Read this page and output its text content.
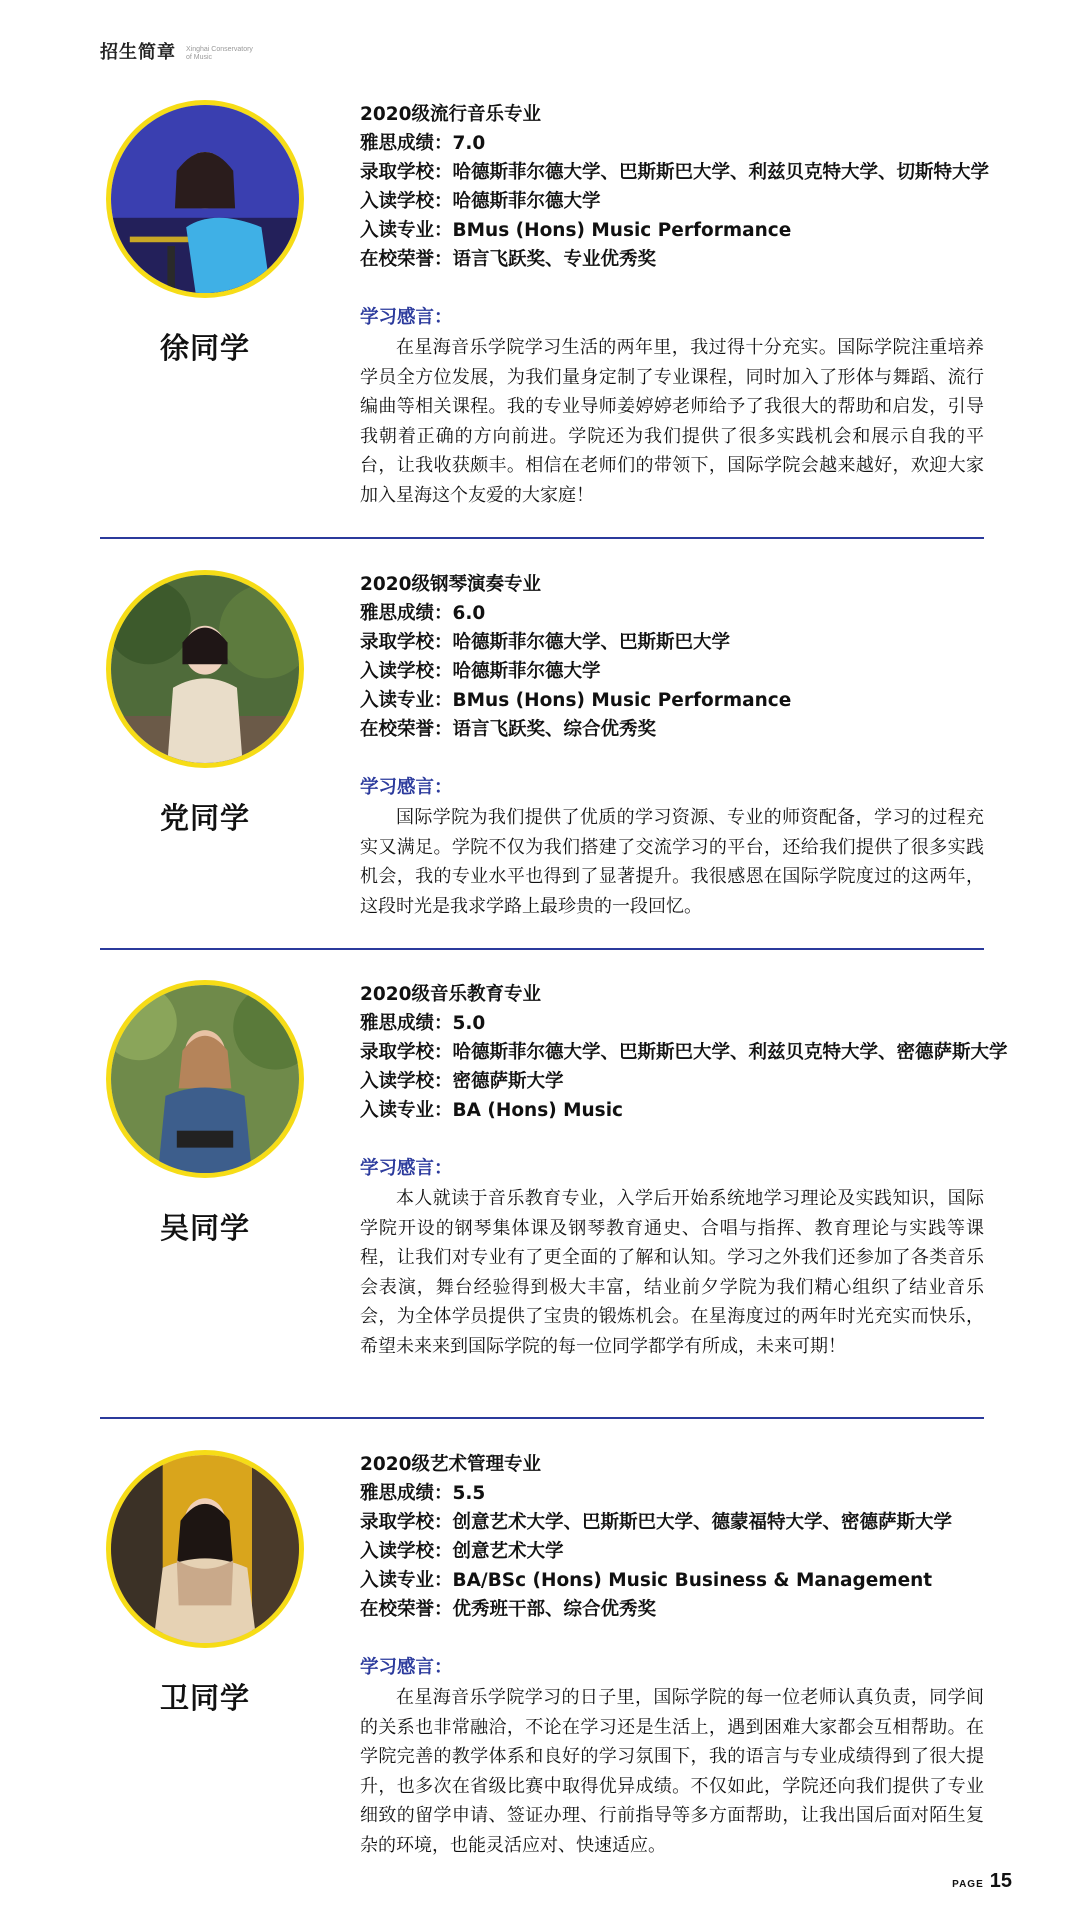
招生简章 Xinghai Conservatory
of Music
徐同学
2020级流行音乐专业
雅思成绩：7.0
录取学校：哈德斯菲尔德大学、巴斯斯巴大学、利兹贝克特大学、切斯特大学
入读学校：哈德斯菲尔德大学
入读专业：BMus (Hons) Music Performance
在校荣誉：语言飞跃奖、专业优秀奖
学习感言：
在星海音乐学院学习生活的两年里，我过得十分充实。国际学院注重培养学员全方位发展，为我们量身定制了专业课程，同时加入了形体与舞蹈、流行编曲等相关课程。我的专业导师姜婷婷老师给予了我很大的帮助和启发，引导我朝着正确的方向前进。学院还为我们提供了很多实践机会和展示自我的平台，让我收获颇丰。相信在老师们的带领下，国际学院会越来越好，欢迎大家加入星海这个友爱的大家庭！
党同学
2020级钢琴演奏专业
雅思成绩：6.0
录取学校：哈德斯菲尔德大学、巴斯斯巴大学
入读学校：哈德斯菲尔德大学
入读专业：BMus (Hons) Music Performance
在校荣誉：语言飞跃奖、综合优秀奖
学习感言：
国际学院为我们提供了优质的学习资源、专业的师资配备，学习的过程充实又满足。学院不仅为我们搭建了交流学习的平台，还给我们提供了很多实践机会，我的专业水平也得到了显著提升。我很感恩在国际学院度过的这两年，这段时光是我求学路上最珍贵的一段回忆。
吴同学
2020级音乐教育专业
雅思成绩：5.0
录取学校：哈德斯菲尔德大学、巴斯斯巴大学、利兹贝克特大学、密德萨斯大学
入读学校：密德萨斯大学
入读专业：BA (Hons) Music
学习感言：
本人就读于音乐教育专业，入学后开始系统地学习理论及实践知识，国际学院开设的钢琴集体课及钢琴教育通史、合唱与指挥、教育理论与实践等课程，让我们对专业有了更全面的了解和认知。学习之外我们还参加了各类音乐会表演，舞台经验得到极大丰富，结业前夕学院为我们精心组织了结业音乐会，为全体学员提供了宝贵的锻炼机会。在星海度过的两年时光充实而快乐，希望未来来到国际学院的每一位同学都学有所成，未来可期！
卫同学
2020级艺术管理专业
雅思成绩：5.5
录取学校：创意艺术大学、巴斯斯巴大学、德蒙福特大学、密德萨斯大学
入读学校：创意艺术大学
入读专业：BA/BSc (Hons) Music Business & Management
在校荣誉：优秀班干部、综合优秀奖
学习感言：
在星海音乐学院学习的日子里，国际学院的每一位老师认真负责，同学间的关系也非常融洽，不论在学习还是生活上，遇到困难大家都会互相帮助。在学院完善的教学体系和良好的学习氛围下，我的语言与专业成绩得到了很大提升，也多次在省级比赛中取得优异成绩。不仅如此，学院还向我们提供了专业细致的留学申请、签证办理、行前指导等多方面帮助，让我出国后面对陌生复杂的环境，也能灵活应对、快速适应。
PAGE 15
